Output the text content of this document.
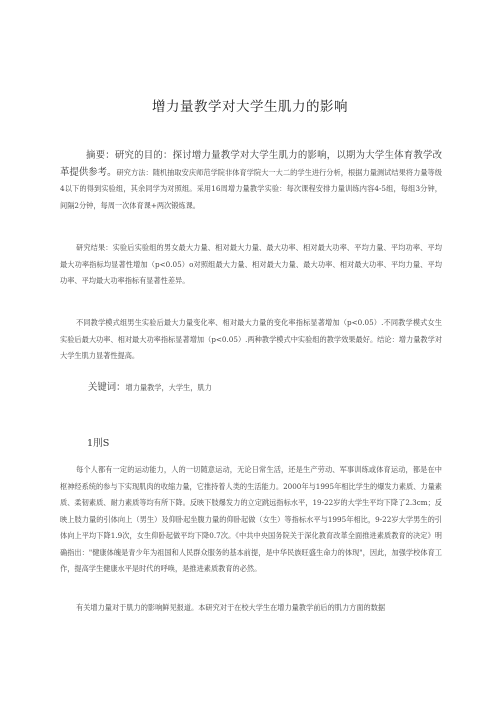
增力量教学对大学生肌力的影响

摘要：研究的目的：探讨增力量教学对大学生肌力的影响，以期为大学生体育教学改革提供参考。研究方法：随机抽取安庆师范学院非体育学院大一大二的学生进行分析，根据力量测试结果将力量等级4以下的得到实验组，其余同学为对照组。采用16周增力量教学实验：每次课程安排力量训练内容4-5组，每组3分钟，间隔2分钟，每周一次体育课+两次锻炼课。

研究结果：实验后实验组的男女最大力量、相对最大力量、最大功率、相对最大功率、平均力量、平均功率、平均最大功率指标均显著性增加（p<0.05）o对照组最大力量、相对最大力量、最大功率、相对最大功率、平均力量、平均功率、平均最大功率指标有显著性差异。

不同教学模式组男生实验后最大力量变化率、相对最大力量的变化率指标显著增加（p<0.05）.不同教学模式女生实验后最大功率、相对最大功率指标显著增加（p<0.05）.两种教学模式中实验组的教学效果最好。结论：增力量教学对大学生肌力显著性提高。

关键词：增力量教学，大学生，肌力

1刖S

每个人都有一定的运动能力，人的一切随意运动，无论日常生活，还是生产劳动、军事训练或体育运动，都是在中枢神经系统的参与下实现肌肉的收缩力量，它推持着人类的生活能力。2000年与1995年相比学生的爆发力素质、力量素质、柔韧素质、耐力素质等均有所下降。反映下肢爆发力的立定跳远指标水平，19-22岁的大学生平均下降了2.3cm；反映上肢力量的引体向上（男生）及仰卧起坐腹力量的仰卧起做（女生）等指标水平与1995年相比，9-22岁大学男生的引体向上平均下降1.9次，女生仰卧起做平均下降0.7次。《中共中央国务院关于深化教育改革全面推进素质教育的决定》明确指出："健康体魄是青少年为祖国和人民群众服务的基本前提，是中华民族旺盛生命力的体现"，因此，加强学校体育工作，提高学生健康水平是时代的呼唤，是推进素质教育的必然。

有关增力量对于肌力的影响鲜见报道。本研究对于在校大学生在增力量教学前后的肌力方面的数据
